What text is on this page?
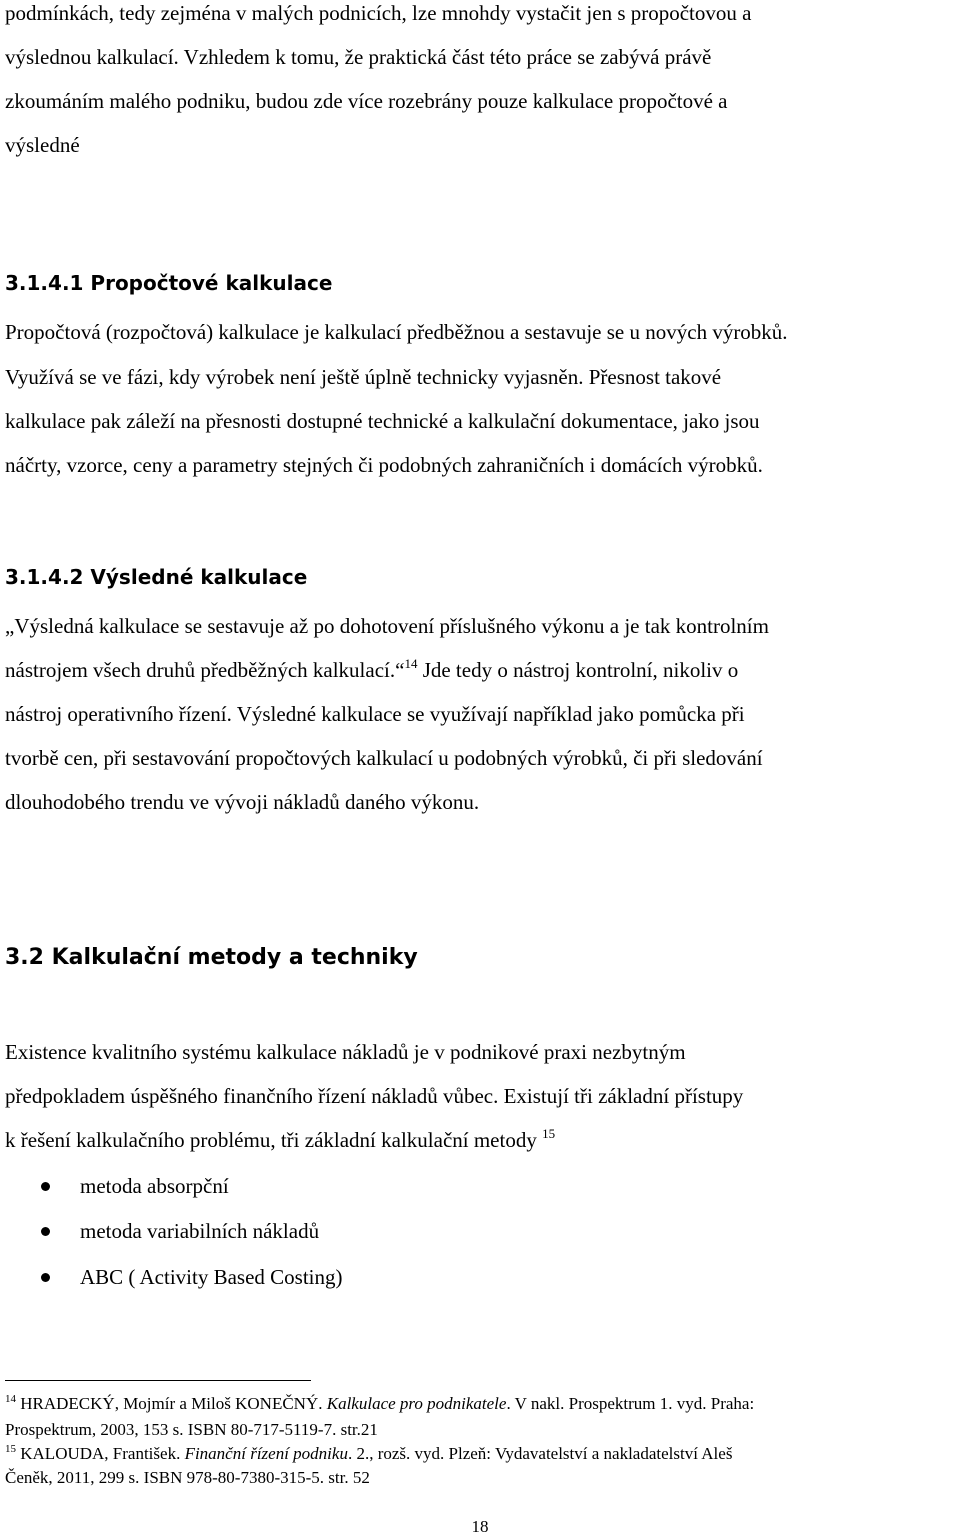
podmínkách, tedy zejména v malých podnicích, lze mnohdy vystačit jen s propočtovou a
výslednou kalkulací. Vzhledem k tomu, že praktická část této práce se zabývá právě
zkoumáním malého podniku, budou zde více rozebrány pouze kalkulace propočtové a
výsledné
3.1.4.1 Propočtové kalkulace
Propočtová (rozpočtová) kalkulace je kalkulací předběžnou a sestavuje se u nových výrobků.
Využívá se ve fázi, kdy výrobek není ještě úplně technicky vyjasněn. Přesnost takové
kalkulace pak záleží na přesnosti dostupné technické a kalkulační dokumentace, jako jsou
náčrty, vzorce, ceny a parametry stejných či podobných zahraničních i domácích výrobků.
3.1.4.2 Výsledné kalkulace
„Výsledná kalkulace se sestavuje až po dohotovení příslušného výkonu a je tak kontrolním
nástrojem všech druhů předběžných kalkulací.“$^{14}$ Jde tedy o nástroj kontrolní, nikoliv o
nástroj operativního řízení. Výsledné kalkulace se využívají například jako pomůcka při
tvorbě cen, při sestavování propočtových kalkulací u podobných výrobků, či při sledování
dlouhodobého trendu ve vývoji nákladů daného výkonu.
3.2 Kalkulační metody a techniky
Existence kvalitního systému kalkulace nákladů je v podnikové praxi nezbytným
předpokladem úspěšného finančního řízení nákladů vůbec. Existují tři základní přístupy
k řešení kalkulačního problému, tři základní kalkulační metody $^{15}$
metoda absorpční
metoda variabilních nákladů
ABC ( Activity Based Costing)
$^{14}$ HRADECKÝ, Mojmír a Miloš KONEČNÝ. Kalkulace pro podnikatele. V nakl. Prospektrum 1. vyd. Praha:
Prospektrum, 2003, 153 s. ISBN 80-717-5119-7. str.21
$^{15}$ KALOUDA, František. Finanční řízení podniku. 2., rozš. vyd. Plzeň: Vydavatelství a nakladatelství Aleš
Čeněk, 2011, 299 s. ISBN 978-80-7380-315-5. str. 52
18
